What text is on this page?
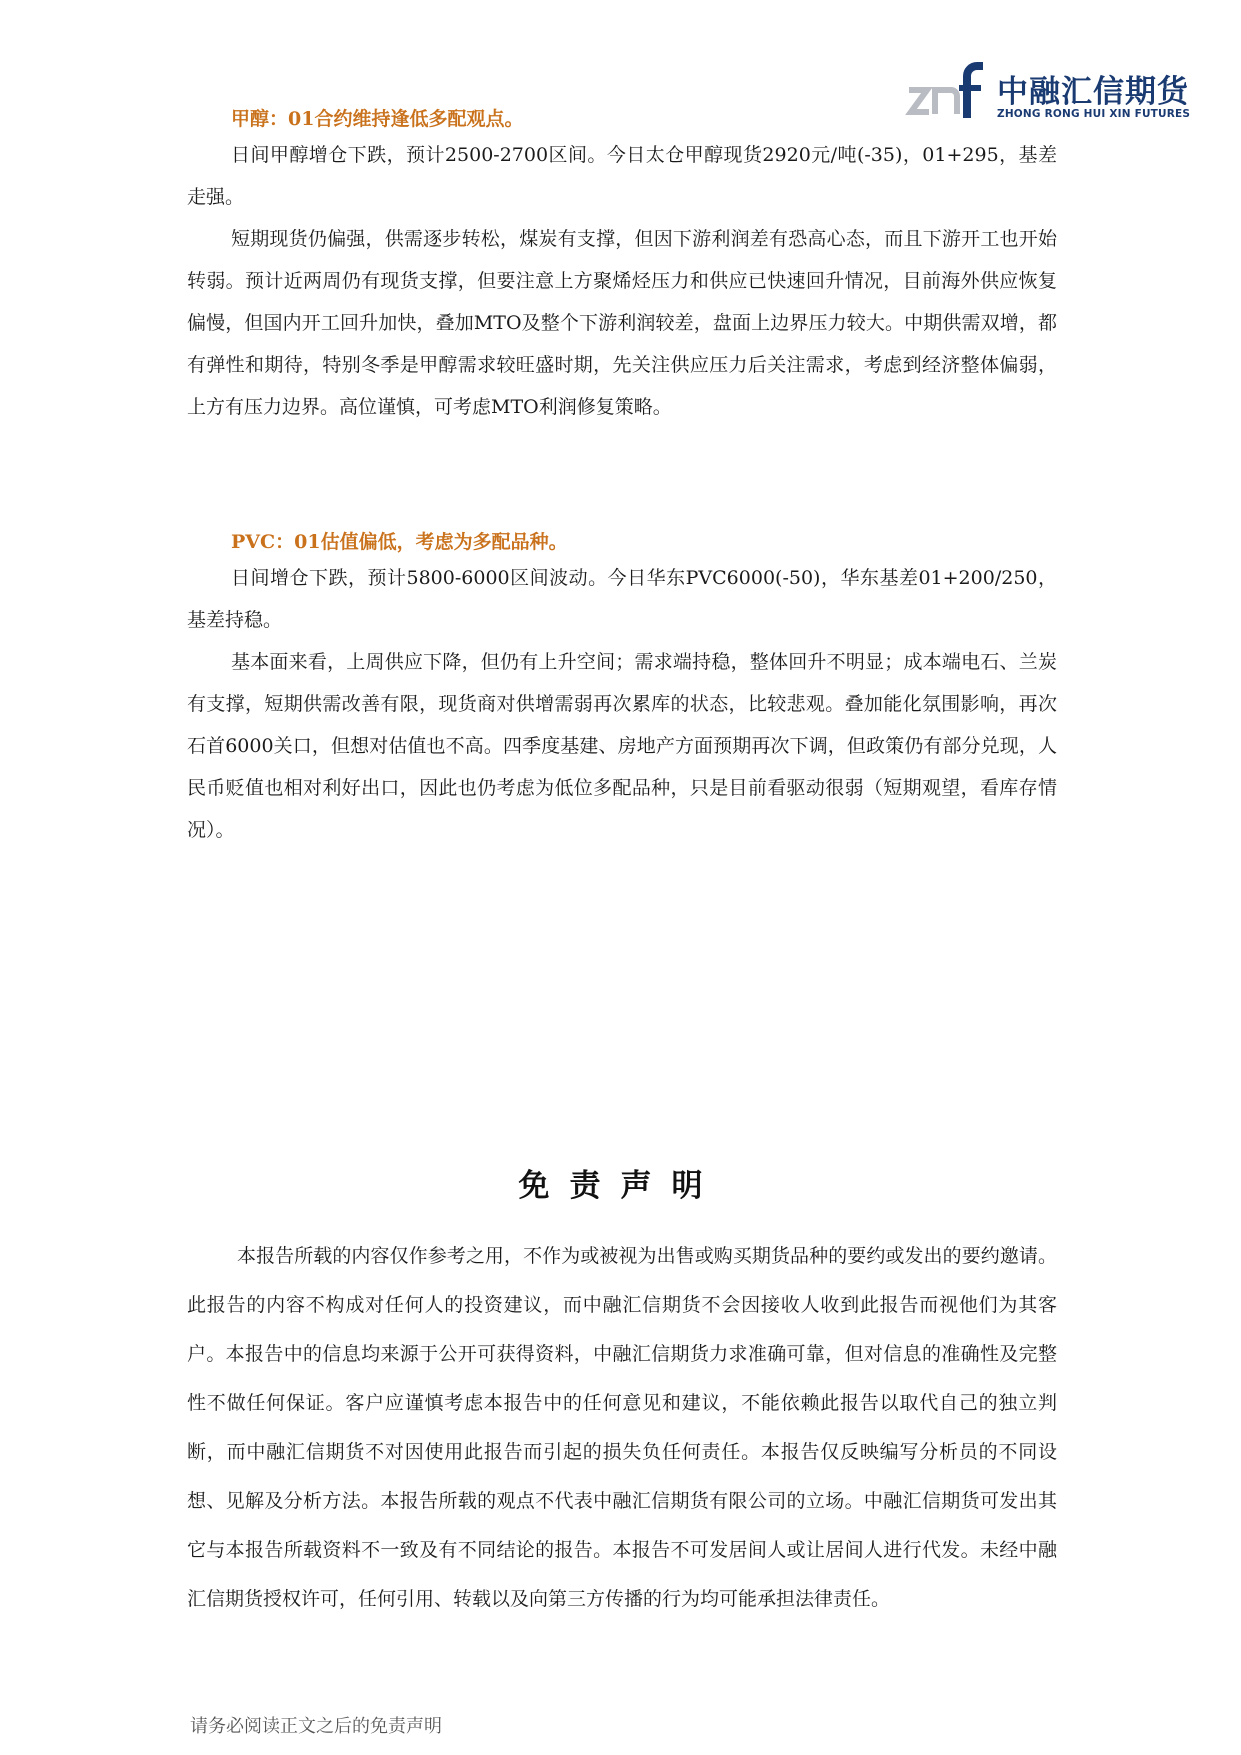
中融汇信期货
ZHONG RONG HUI XIN FUTURES
甲醇：01合约维持逢低多配观点。

日间甲醇增仓下跌，预计2500-2700区间。今日太仓甲醇现货2920元/吨(-35)，01+295，基差走强。

短期现货仍偏强，供需逐步转松，煤炭有支撑，但因下游利润差有恐高心态，而且下游开工也开始转弱。预计近两周仍有现货支撑，但要注意上方聚烯烃压力和供应已快速回升情况，目前海外供应恢复偏慢，但国内开工回升加快，叠加MTO及整个下游利润较差，盘面上边界压力较大。中期供需双增，都有弹性和期待，特别冬季是甲醇需求较旺盛时期，先关注供应压力后关注需求，考虑到经济整体偏弱，上方有压力边界。高位谨慎，可考虑MTO利润修复策略。

PVC：01估值偏低，考虑为多配品种。

日间增仓下跌，预计5800-6000区间波动。今日华东PVC6000(-50)，华东基差01+200/250，基差持稳。

基本面来看，上周供应下降，但仍有上升空间；需求端持稳，整体回升不明显；成本端电石、兰炭有支撑，短期供需改善有限，现货商对供增需弱再次累库的状态，比较悲观。叠加能化氛围影响，再次石首6000关口，但想对估值也不高。四季度基建、房地产方面预期再次下调，但政策仍有部分兑现，人民币贬值也相对利好出口，因此也仍考虑为低位多配品种，只是目前看驱动很弱（短期观望，看库存情况）。

免责声明

本报告所载的内容仅作参考之用，不作为或被视为出售或购买期货品种的要约或发出的要约邀请。此报告的内容不构成对任何人的投资建议，而中融汇信期货不会因接收人收到此报告而视他们为其客户。本报告中的信息均来源于公开可获得资料，中融汇信期货力求准确可靠，但对信息的准确性及完整性不做任何保证。客户应谨慎考虑本报告中的任何意见和建议，不能依赖此报告以取代自己的独立判断，而中融汇信期货不对因使用此报告而引起的损失负任何责任。本报告仅反映编写分析员的不同设想、见解及分析方法。本报告所载的观点不代表中融汇信期货有限公司的立场。中融汇信期货可发出其它与本报告所载资料不一致及有不同结论的报告。本报告不可发居间人或让居间人进行代发。未经中融汇信期货授权许可，任何引用、转载以及向第三方传播的行为均可能承担法律责任。

请务必阅读正文之后的免责声明
